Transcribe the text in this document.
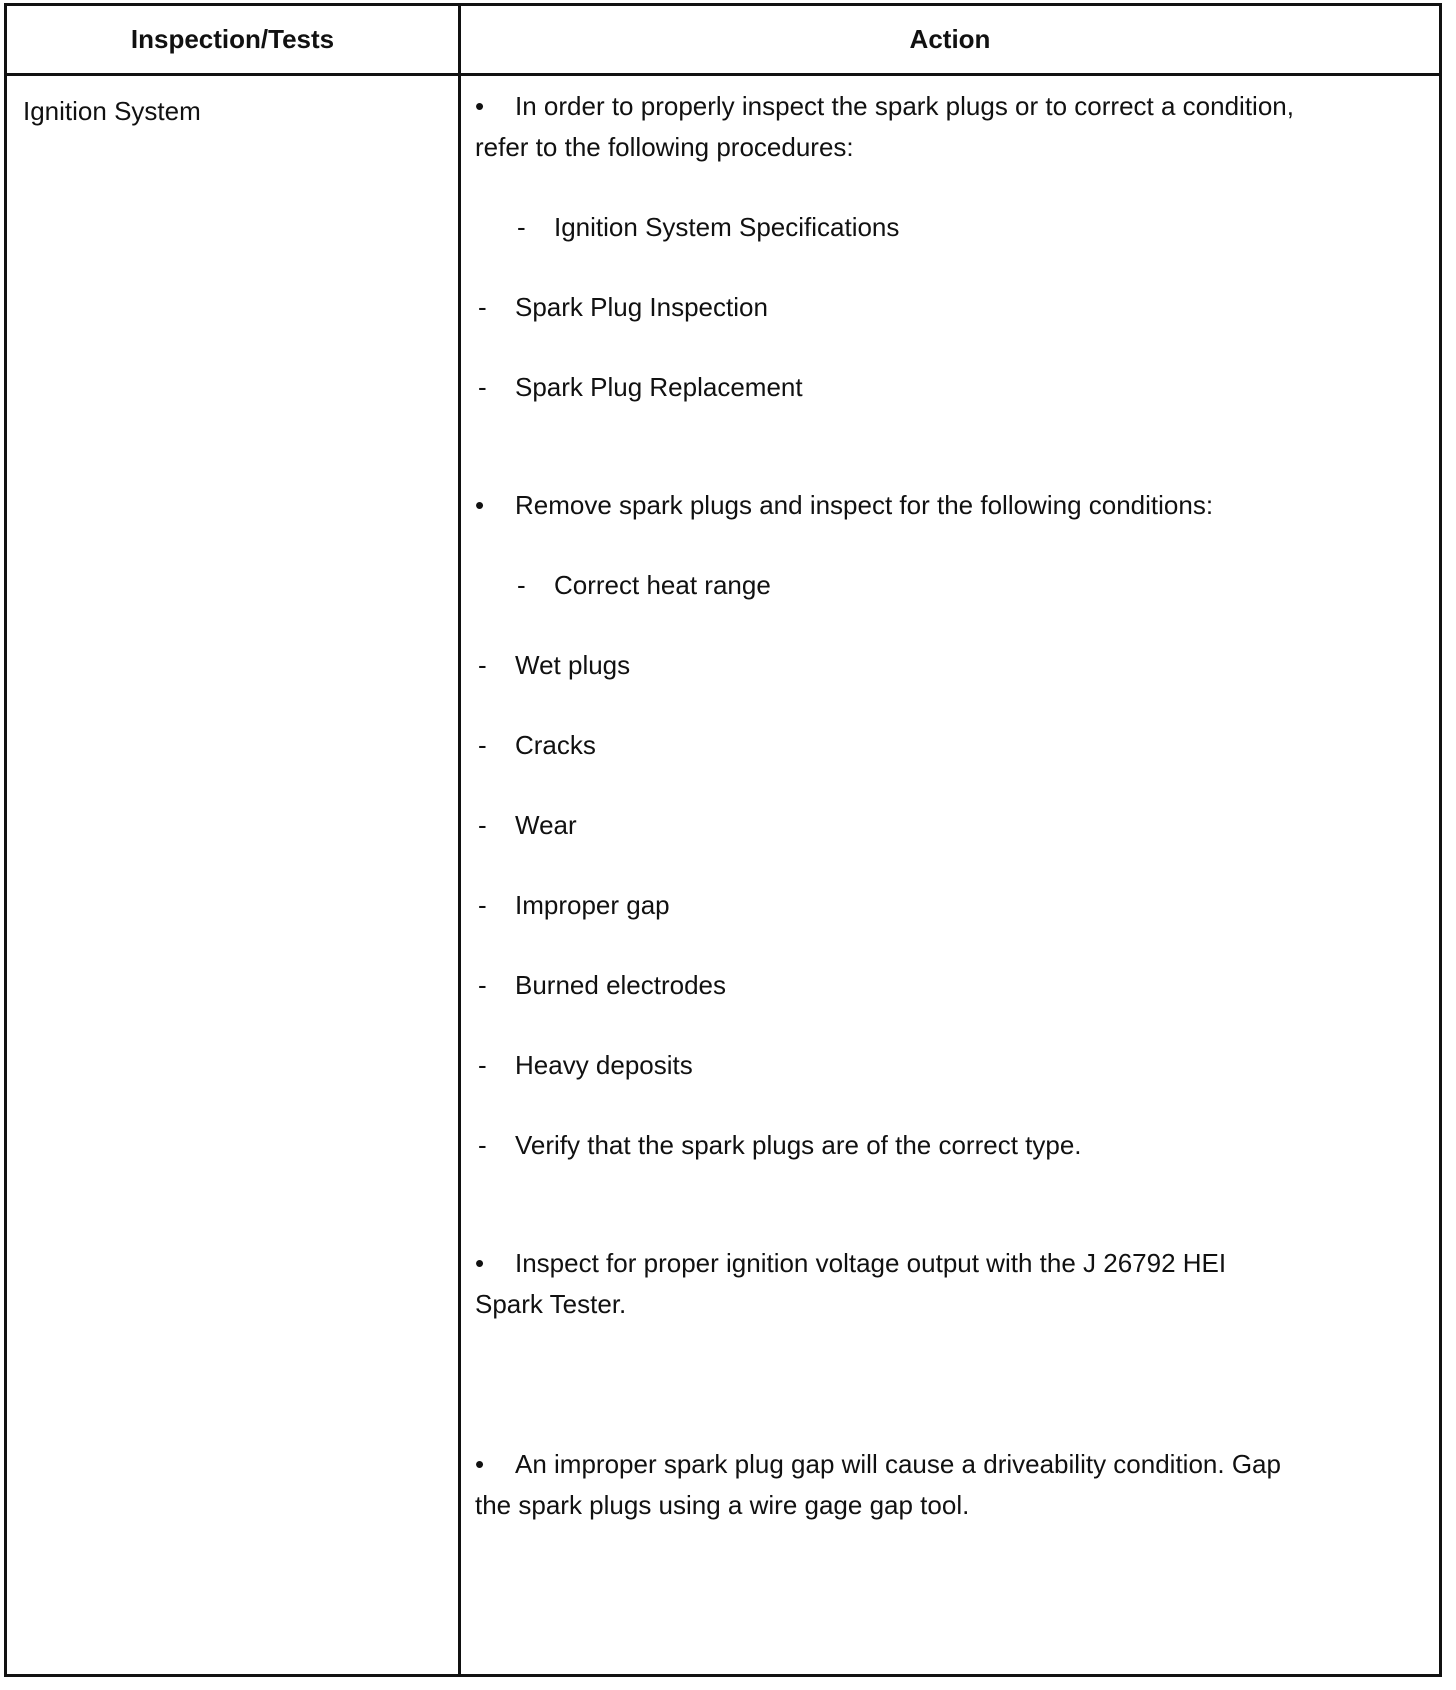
Inspection/Tests	Action
Ignition System	• In order to properly inspect the spark plugs or to correct a condition,
refer to the following procedures:
- Ignition System Specifications
- Spark Plug Inspection
- Spark Plug Replacement
• Remove spark plugs and inspect for the following conditions:
- Correct heat range
- Wet plugs
- Cracks
- Wear
- Improper gap
- Burned electrodes
- Heavy deposits
- Verify that the spark plugs are of the correct type.
• Inspect for proper ignition voltage output with the J 26792 HEI
Spark Tester.
• An improper spark plug gap will cause a driveability condition. Gap
the spark plugs using a wire gage gap tool.
